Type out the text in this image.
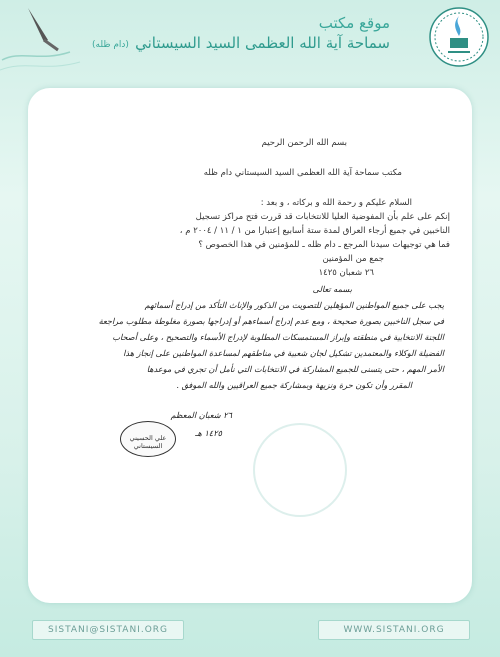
موقع مكتب
سماحة آية الله العظمى السيد السيستاني
(دام ظله)
بسم الله الرحمن الرحيم
مكتب سماحة آية الله العظمى السيد السيستاني دام ظله
السلام عليكم و رحمة الله و بركاته ، و بعد :
إنكم على علم بأن المفوضية العليا للانتخابات قد قررت فتح مراكز تسجيل
الناخبين في جميع أرجاء العراق لمدة ستة أسابيع إعتبارا من ١ / ١١ / ٢٠٠٤ م ،
فما هي توجيهات سيدنا المرجع ـ دام ظله ـ للمؤمنين في هذا الخصوص ؟
جمع من المؤمنين
٢٦ شعبان ١٤٢٥
بسمه تعالى
يجب على جميع المواطنين المؤهلين للتصويت من الذكور والإناث التأكد من إدراج أسمائهم
في سجل الناخبين بصورة صحيحة ، ومع عدم إدراج أسماءهم أو إدراجها بصورة مغلوطة مطلوب مراجعة
اللجنة الانتخابية في منطقته وإبراز المستمسكات المطلوبة لإدراج الأسماء والتصحيح ، وعلى أصحاب
الفضيلة الوكلاء والمعتمدين تشكيل لجان شعبية في مناطقهم لمساعدة المواطنين على إنجاز هذا
الأمر المهم ، حتى يتسنى للجميع المشاركة في الانتخابات التي نأمل أن تجري في موعدها
المقرر وأن تكون حرة ونزيهة وبمشاركة جميع العراقيين والله الموفق .
٢٦ شعبان المعظم
١٤٢٥ هـ
علي الحسيني السيستاني
SISTANI@SISTANI.ORG	WWW.SISTANI.ORG
